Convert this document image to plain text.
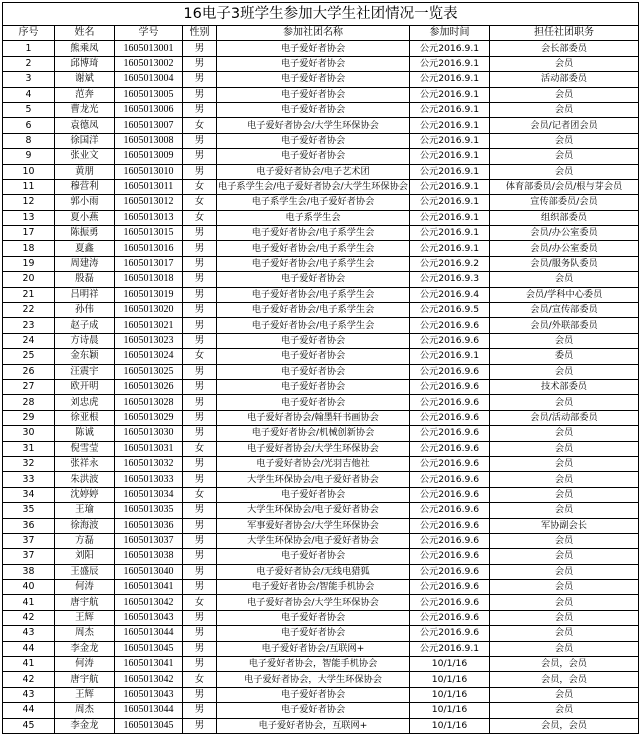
16电子3班学生参加大学生社团情况一览表						
序号	姓名	学号	性别	参加社团名称	参加时间	担任社团职务
1	熊乘凤	1605013001	男	电子爱好者协会	公元2016.9.1	会长部委员
2	邱博琦	1605013002	男	电子爱好者协会	公元2016.9.1	会员
3	谢斌	1605013004	男	电子爱好者协会	公元2016.9.1	活动部委员
4	范奔	1605013005	男	电子爱好者协会	公元2016.9.1	会员
5	曹龙光	1605013006	男	电子爱好者协会	公元2016.9.1	会员
6	袁德凤	1605013007	女	电子爱好者协会/大学生环保协会	公元2016.9.1	会员/记者团会员
8	徐国洋	1605013008	男	电子爱好者协会	公元2016.9.1	会员
9	张业文	1605013009	男	电子爱好者协会	公元2016.9.1	会员
10	黄朋	1605013010	男	电子爱好者协会/电子艺术团	公元2016.9.1	会员
11	穆营利	1605013011	女	电子系学生会/电子爱好者协会/大学生环保协会	公元2016.9.1	体育部委员/会员/根与芽会员
12	郭小雨	1605013012	女	电子系学生会/电子爱好者协会	公元2016.9.1	宣传部委员/会员
13	夏小燕	1605013013	女	电子系学生会	公元2016.9.1	组织部委员
17	陈振勇	1605013015	男	电子爱好者协会/电子系学生会	公元2016.9.1	会员/办公室委员
18	夏鑫	1605013016	男	电子爱好者协会/电子系学生会	公元2016.9.1	会员/办公室委员
19	周建涛	1605013017	男	电子爱好者协会/电子系学生会	公元2016.9.2	会员/服务队委员
20	殷磊	1605013018	男	电子爱好者协会	公元2016.9.3	会员
21	吕明祥	1605013019	男	电子爱好者协会/电子系学生会	公元2016.9.4	会员/学科中心委员
22	孙伟	1605013020	男	电子爱好者协会/电子系学生会	公元2016.9.5	会员/宣传部委员
23	赵子成	1605013021	男	电子爱好者协会/电子系学生会	公元2016.9.6	会员/外联部委员
24	方诗晨	1605013023	男	电子爱好者协会	公元2016.9.6	会员
25	金东颖	1605013024	女	电子爱好者协会	公元2016.9.1	委员
26	汪震宇	1605013025	男	电子爱好者协会	公元2016.9.6	会员
27	欧开明	1605013026	男	电子爱好者协会	公元2016.9.6	技术部委员
28	刘忠虎	1605013028	男	电子爱好者协会	公元2016.9.6	会员
29	徐亚根	1605013029	男	电子爱好者协会/翰墨轩书画协会	公元2016.9.6	会员/活动部委员
30	陈诚	1605013030	男	电子爱好者协会/机械创新协会	公元2016.9.6	会员
31	倪雪莹	1605013031	女	电子爱好者协会/大学生环保协会	公元2016.9.6	会员
32	张祥永	1605013032	男	电子爱好者协会/光羽吉他社	公元2016.9.6	会员
33	朱洪波	1605013033	男	大学生环保协会/电子爱好者协会	公元2016.9.6	会员
34	沈婷婷	1605013034	女	电子爱好者协会	公元2016.9.6	会员
35	王瑜	1605013035	男	大学生环保协会/电子爱好者协会	公元2016.9.6	会员
36	徐海波	1605013036	男	军事爱好者协会/大学生环保协会	公元2016.9.6	军协副会长
37	方磊	1605013037	男	大学生环保协会/电子爱好者协会	公元2016.9.6	会员
37	刘阳	1605013038	男	电子爱好者协会	公元2016.9.6	会员
38	王盛辰	1605013040	男	电子爱好者协会/无线电猎狐	公元2016.9.6	会员
40	何涛	1605013041	男	电子爱好者协会/智能手机协会	公元2016.9.6	会员
41	唐宇航	1605013042	女	电子爱好者协会/大学生环保协会	公元2016.9.6	会员
42	王辉	1605013043	男	电子爱好者协会	公元2016.9.6	会员
43	周杰	1605013044	男	电子爱好者协会	公元2016.9.6	会员
44	李金龙	1605013045	男	电子爱好者协会/互联网+	公元2016.9.1	会员
41	何涛	1605013041	男	电子爱好者协会，智能手机协会	10/1/16	会员，会员
42	唐宇航	1605013042	女	电子爱好者协会，大学生环保协会	10/1/16	会员，会员
43	王辉	1605013043	男	电子爱好者协会	10/1/16	会员
44	周杰	1605013044	男	电子爱好者协会	10/1/16	会员
45	李金龙	1605013045	男	电子爱好者协会，互联网+	10/1/16	会员，会员
